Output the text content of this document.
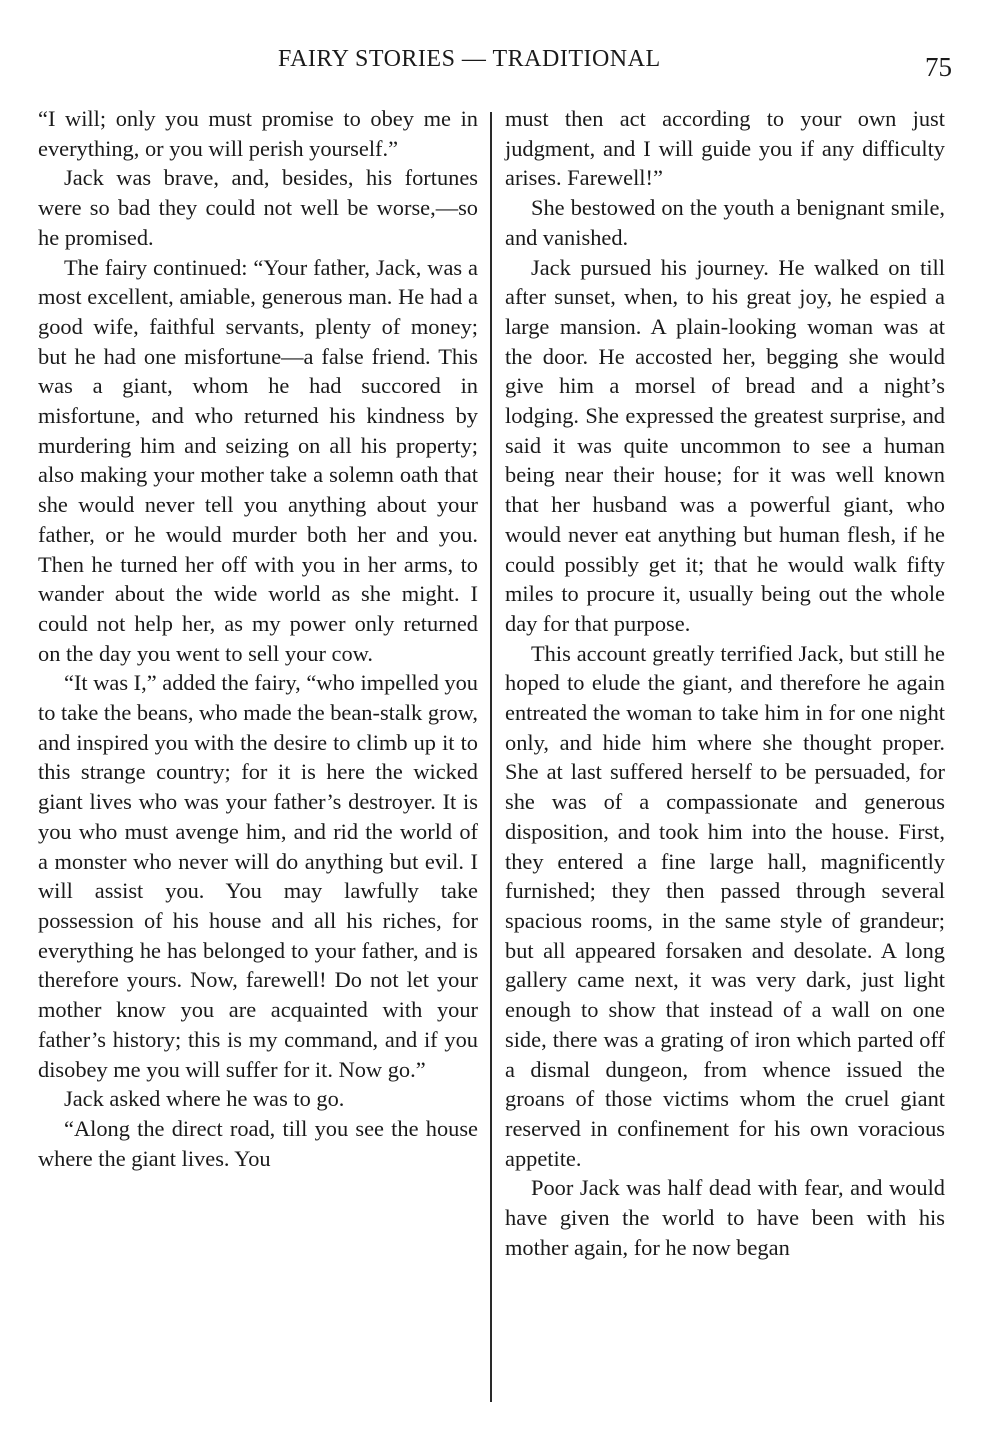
FAIRY STORIES — TRADITIONAL	75

“I will; only you must promise to obey me in everything, or you will perish yourself.”

Jack was brave, and, besides, his fortunes were so bad they could not well be worse,—so he promised.

The fairy continued: “Your father, Jack, was a most excellent, amiable, generous man. He had a good wife, faithful servants, plenty of money; but he had one misfortune—a false friend. This was a giant, whom he had succored in misfortune, and who returned his kindness by murdering him and seizing on all his property; also making your mother take a solemn oath that she would never tell you anything about your father, or he would murder both her and you. Then he turned her off with you in her arms, to wander about the wide world as she might. I could not help her, as my power only returned on the day you went to sell your cow.

“It was I,” added the fairy, “who impelled you to take the beans, who made the bean-stalk grow, and inspired you with the desire to climb up it to this strange country; for it is here the wicked giant lives who was your father’s destroyer. It is you who must avenge him, and rid the world of a monster who never will do anything but evil. I will assist you. You may lawfully take possession of his house and all his riches, for everything he has belonged to your father, and is therefore yours. Now, farewell! Do not let your mother know you are acquainted with your father’s history; this is my command, and if you disobey me you will suffer for it. Now go.”

Jack asked where he was to go.

“Along the direct road, till you see the house where the giant lives. You

must then act according to your own just judgment, and I will guide you if any difficulty arises. Farewell!”

She bestowed on the youth a benignant smile, and vanished.

Jack pursued his journey. He walked on till after sunset, when, to his great joy, he espied a large mansion. A plain-looking woman was at the door. He accosted her, begging she would give him a morsel of bread and a night’s lodging. She expressed the greatest surprise, and said it was quite uncommon to see a human being near their house; for it was well known that her husband was a powerful giant, who would never eat anything but human flesh, if he could possibly get it; that he would walk fifty miles to procure it, usually being out the whole day for that purpose.

This account greatly terrified Jack, but still he hoped to elude the giant, and therefore he again entreated the woman to take him in for one night only, and hide him where she thought proper. She at last suffered herself to be persuaded, for she was of a compassionate and generous disposition, and took him into the house. First, they entered a fine large hall, magnificently furnished; they then passed through several spacious rooms, in the same style of grandeur; but all appeared forsaken and desolate. A long gallery came next, it was very dark, just light enough to show that instead of a wall on one side, there was a grating of iron which parted off a dismal dungeon, from whence issued the groans of those victims whom the cruel giant reserved in confinement for his own voracious appetite.

Poor Jack was half dead with fear, and would have given the world to have been with his mother again, for he now began
